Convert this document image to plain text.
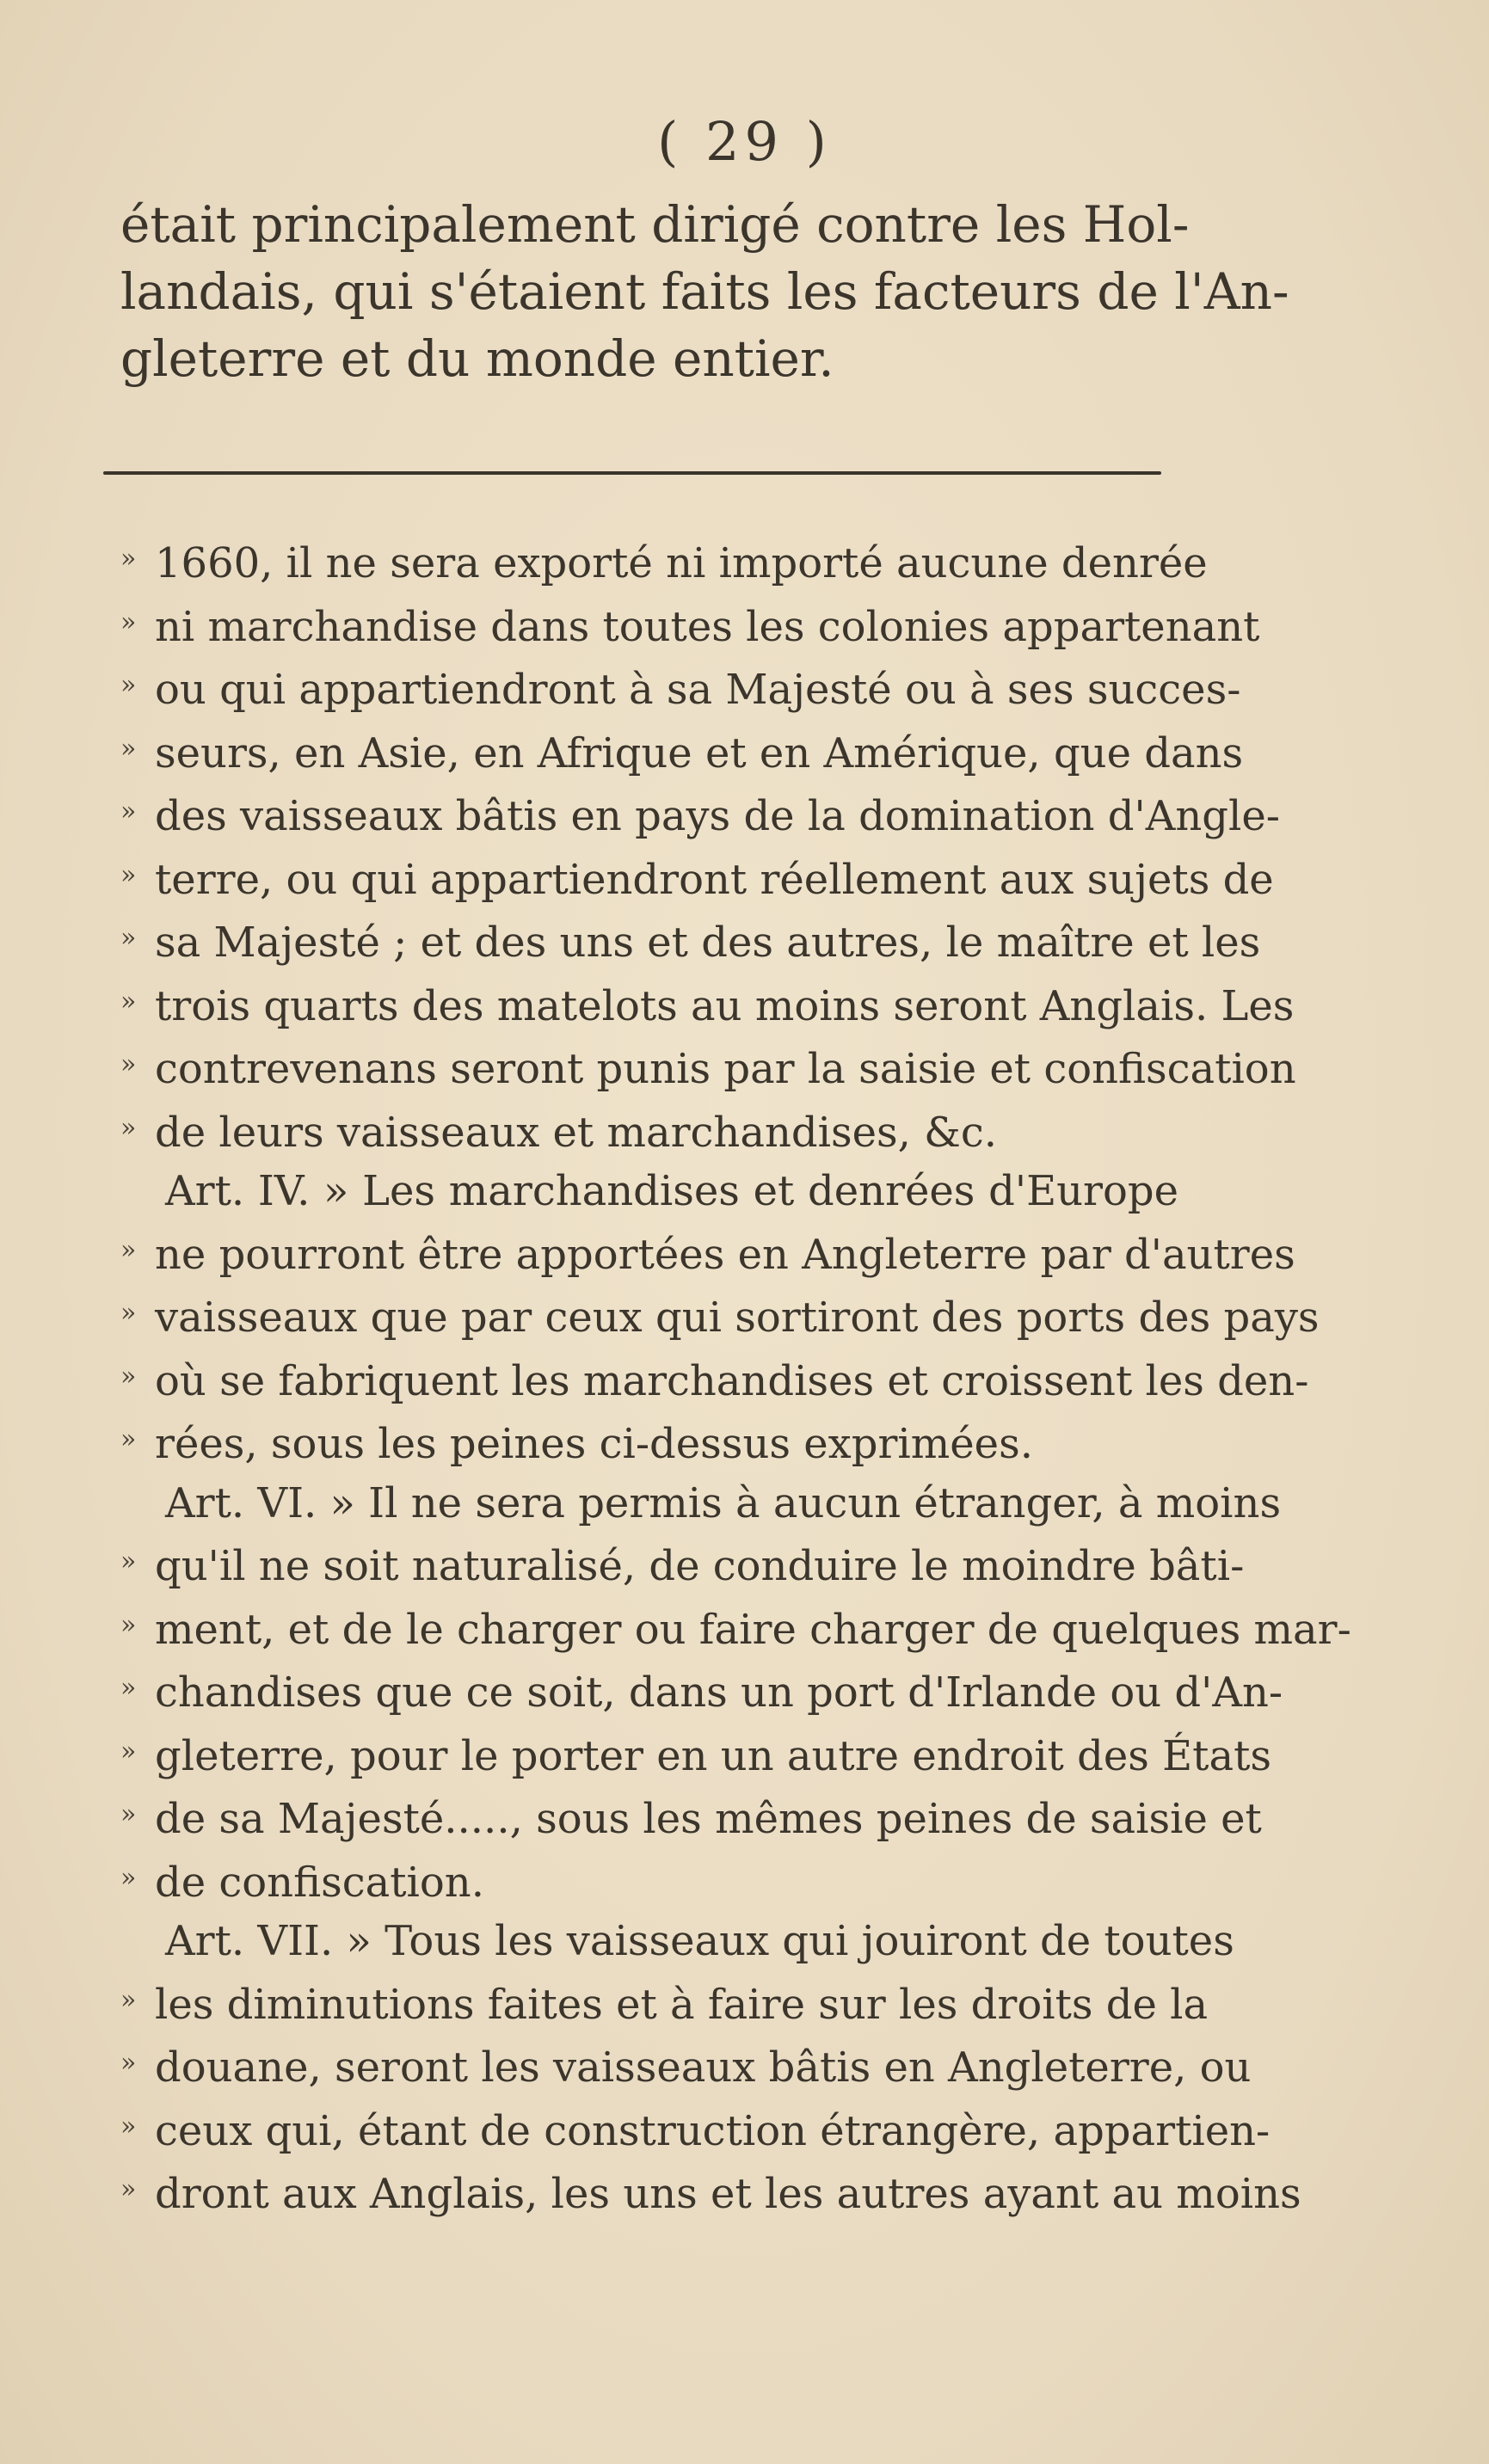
( 29 )
était principalement dirigé contre les Hol-
landais, qui s'étaient faits les facteurs de l'An-
gleterre et du monde entier.
» 1660, il ne sera exporté ni importé aucune denrée
» ni marchandise dans toutes les colonies appartenant
» ou qui appartiendront à sa Majesté ou à ses succes-
» seurs, en Asie, en Afrique et en Amérique, que dans
» des vaisseaux bâtis en pays de la domination d'Angle-
» terre, ou qui appartiendront réellement aux sujets de
» sa Majesté ; et des uns et des autres, le maître et les
» trois quarts des matelots au moins seront Anglais. Les
» contrevenans seront punis par la saisie et confiscation
» de leurs vaisseaux et marchandises, &c.
Art. IV. » Les marchandises et denrées d'Europe
» ne pourront être apportées en Angleterre par d'autres
» vaisseaux que par ceux qui sortiront des ports des pays
» où se fabriquent les marchandises et croissent les den-
» rées, sous les peines ci-dessus exprimées.
Art. VI. » Il ne sera permis à aucun étranger, à moins
» qu'il ne soit naturalisé, de conduire le moindre bâti-
» ment, et de le charger ou faire charger de quelques mar-
» chandises que ce soit, dans un port d'Irlande ou d'An-
» gleterre, pour le porter en un autre endroit des États
» de sa Majesté....., sous les mêmes peines de saisie et
» de confiscation.
Art. VII. » Tous les vaisseaux qui jouiront de toutes
» les diminutions faites et à faire sur les droits de la
» douane, seront les vaisseaux bâtis en Angleterre, ou
» ceux qui, étant de construction étrangère, appartien-
» dront aux Anglais, les uns et les autres ayant au moins
